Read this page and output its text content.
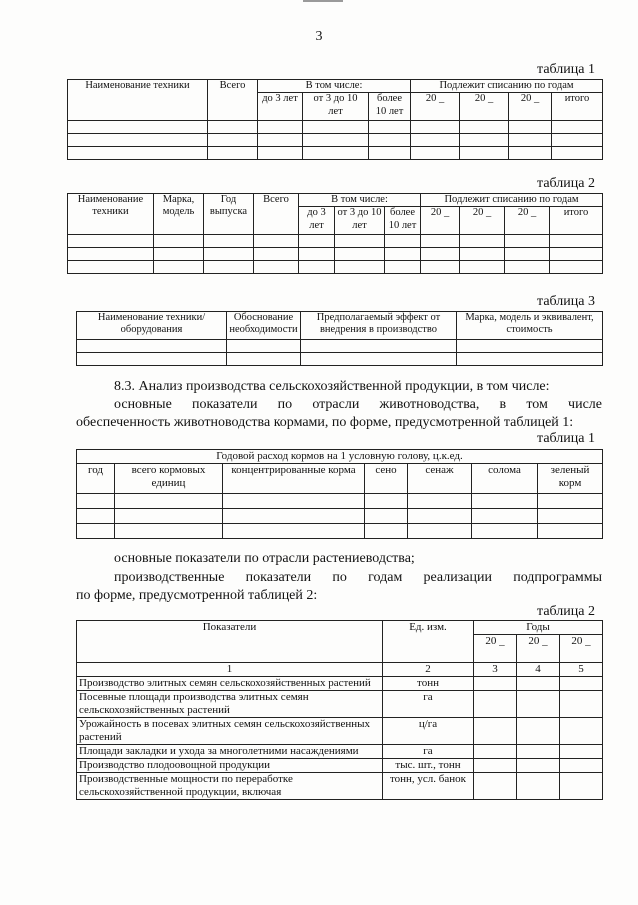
3
таблица 1
Наименование техники	Всего	В том числе:			Подлежит списанию по годам			
		до 3 лет	от 3 до 10 лет	более 10 лет	20 _	20 _	20 _	итого

таблица 2
Наименование техники	Марка, модель	Год выпуска	Всего	В том числе:			Подлежит списанию по годам			
				до 3 лет	от 3 до 10 лет	более 10 лет	20 _	20 _	20 _	итого

таблица 3
Наименование техники/оборудования	Обоснование необходимости	Предполагаемый эффект от внедрения в производство	Марка, модель и эквивалент, стоимость

8.3. Анализ производства сельскохозяйственной продукции, в том числе:

основные показатели по отрасли животноводства, в том числе

обеспеченность животноводства кормами, по форме, предусмотренной таблицей 1:

таблица 1
Годовой расход кормов на 1 условную голову, ц.к.ед.						
год	всего кормовых единиц	концентрированные корма	сено	сенаж	солома	зеленый корм

основные показатели по отрасли растениеводства;

производственные показатели по годам реализации подпрограммы

по форме, предусмотренной таблицей 2:

таблица 2
Показатели	Ед. изм.	Годы		
		20 _	20 _	20 _
1	2	3	4	5
Производство элитных семян сельскохозяйственных растений	тонн			
Посевные площади производства элитных семян сельскохозяйственных растений	га			
Урожайность в посевах элитных семян сельскохозяйственных растений	ц/га			
Площади закладки и ухода за многолетними насаждениями	га			
Производство плодоовощной продукции	тыс. шт., тонн			
Производственные мощности по переработке сельскохозяйственной продукции, включая	тонн, усл. банок			
